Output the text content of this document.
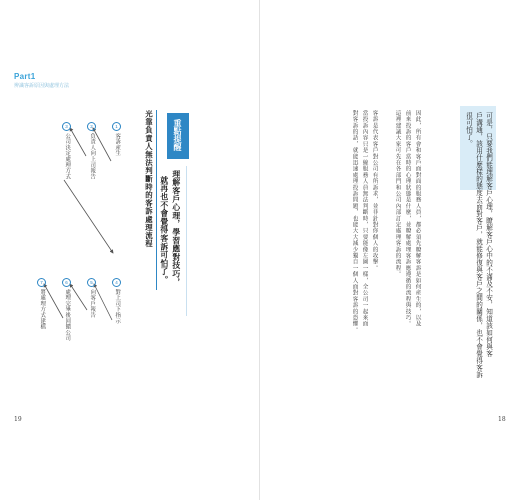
Part1
辨識客訴原因與處理方法
可是，只要我們能理解客戶心理，瞭解客戶心中的不滿及不安，知道該如何與客
戶溝通，該用什麼樣的態度去面對客戶，就能修復與客戶之間的關係，也不會覺得客訴
很可怕了。
因此，所有會和客戶面對面的服務人員，都必須先瞭解客訴是如何產生的，以及
前來投訴的客戶當時的心理狀態是什麼，並瞭解處理客訴應遵循的流程與技巧。
這裡建議大家可先在各部門和公司內部訂定處理客訴的流程。
客訴是代表客戶對公司有所訴求，並非針對你個人的攻擊。
當投訴內容只是一線服務人員無法判斷時，只要能像左圖一樣，全公司一起來面
對客訴的話，就能迅速處理投訴問題，也能大大減少獨自一個人面對客訴的恐懼。
18
重點提醒
理解客戶心理，學習應對技巧，
就再也不會覺得客訴可怕了。
光靠負責人無法判斷時的客訴處理流程
1
客訴產生
2
負責人向上司報告
3
公司決定處理方式
4
對上司下指示
5
向客戶報告
6
處理完畢後回饋公司
7
將處理方式建檔
19
